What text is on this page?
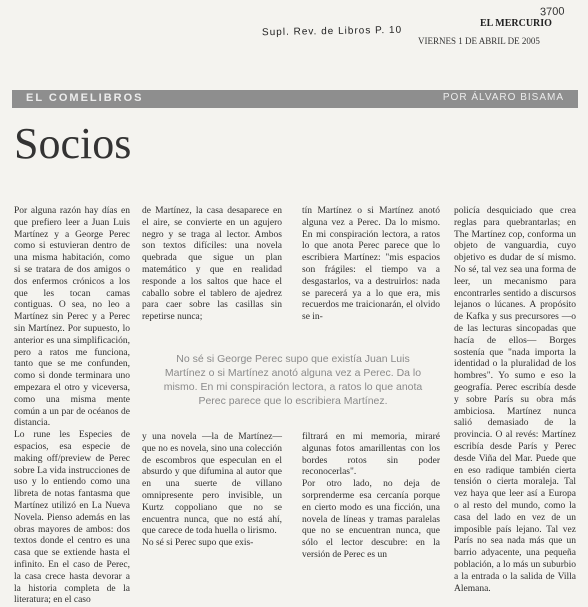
3700
Supl. Rev. de Libros P. 10
EL MERCURIO
VIERNES 1 DE ABRIL DE 2005
EL COMELIBROS	POR ÁLVARO BISAMA
Socios
Por alguna razón hay días en que prefiero leer a Juan Luis Martínez y a George Perec como si estuvieran dentro de una misma habitación, como si se tratara de dos amigos o dos enfermos crónicos a los que les tocan camas contiguas. O sea, no leo a Martínez sin Perec y a Perec sin Martínez. Por supuesto, lo anterior es una simplificación, pero a ratos me funciona, tanto que se me confunden, como si donde terminara uno empezara el otro y viceversa, como una misma mente común a un par de océanos de distancia.
Lo rune les Especies de espacios, esa especie de making off/preview de Perec sobre La vida instrucciones de uso y lo entiendo como una libreta de notas fantasma que Martínez utilizó en La Nueva Novela. Pienso además en las obras mayores de ambos: dos textos donde el centro es una casa que se extiende hasta el infinito. En el caso de Perec, la casa crece hasta devorar a la historia completa de la literatura; en el caso
de Martínez, la casa desaparece en el aire, se convierte en un agujero negro y se traga al lector. Ambos son textos difíciles: una novela quebrada que sigue un plan matemático y que en realidad responde a los saltos que hace el caballo sobre el tablero de ajedrez para caer sobre las casillas sin repetirse nunca;
tín Martínez o si Martínez anotó alguna vez a Perec. Da lo mismo. En mi conspiración lectora, a ratos lo que anota Perec parece que lo escribiera Martínez: "mis espacios son frágiles: el tiempo va a desgastarlos, va a destruirlos: nada se parecerá ya a lo que era, mis recuerdos me traicionarán, el olvido se in-
No sé si George Perec supo que existía Juan Luis
Martínez o si Martínez anotó alguna vez a Perec. Da lo
mismo. En mi conspiración lectora, a ratos lo que anota
Perec parece que lo escribiera Martínez.
y una novela —la de Martínez— que no es novela, sino una colección de escombros que especulan en el absurdo y que difumina al autor que en una suerte de villano omnipresente pero invisible, un Kurtz coppoliano que no se encuentra nunca, que no está ahí, que carece de toda huella o lirismo.
No sé si Perec supo que exis-
filtrará en mi memoria, miraré algunas fotos amarillentas con los bordes rotos sin poder reconocerlas".
Por otro lado, no deja de sorprenderme esa cercanía porque en cierto modo es una ficción, una novela de líneas y tramas paralelas que no se encuentran nunca, que sólo el lector descubre: en la versión de Perec es un
policía desquiciado que crea reglas para quebrantarlas; en The Martínez cop, conforma un objeto de vanguardia, cuyo objetivo es dudar de sí mismo. No sé, tal vez sea una forma de leer, un mecanismo para encontrarles sentido a discursos lejanos o lúcanes. A propósito de Kafka y sus precursores —o de las lecturas sincopadas que hacía de ellos— Borges sostenía que "nada importa la identidad o la pluralidad de los hombres". Yo sumo e eso la geografía. Perec escribía desde y sobre París su obra más ambiciosa. Martínez nunca salió demasiado de la provincia. O al revés: Martínez escribía desde París y Perec desde Viña del Mar. Puede que en eso radique también cierta tensión o cierta moraleja. Tal vez haya que leer así a Europa o al resto del mundo, como la casa del lado en vez de un imposible país lejano. Tal vez París no sea nada más que un barrio adyacente, una pequeña población, a lo más un suburbio a la entrada o la salida de Villa Alemana.
